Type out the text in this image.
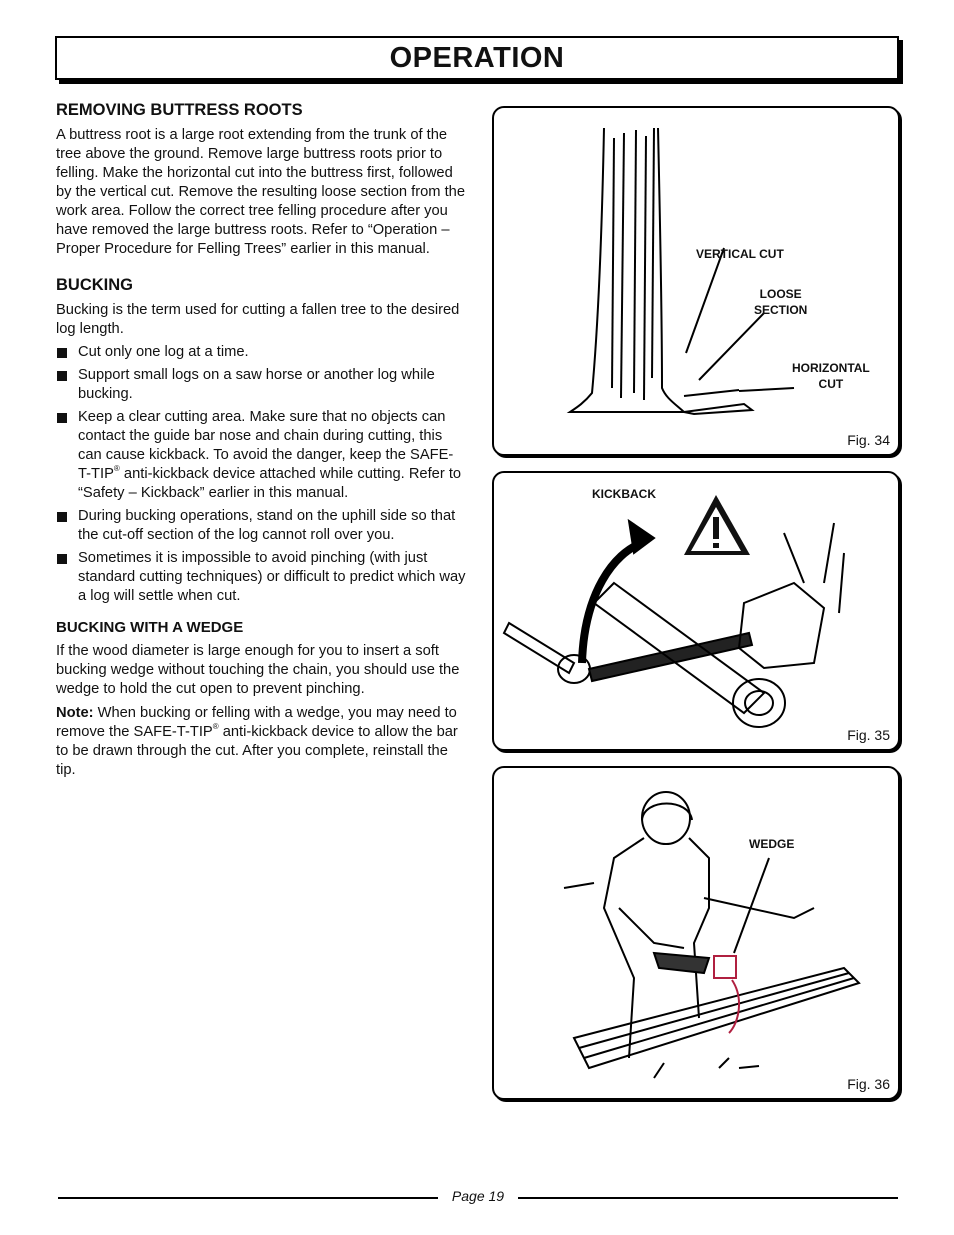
OPERATION
REMOVING BUTTRESS ROOTS

A buttress root is a large root extending from the trunk of the tree above the ground. Remove large buttress roots prior to felling. Make the horizontal cut into the buttress first, followed by the vertical cut. Remove the resulting loose section from the work area. Follow the correct tree felling procedure after you have removed the large buttress roots. Refer to “Operation – Proper Procedure for Felling Trees” earlier in this manual.

BUCKING

Bucking is the term used for cutting a fallen tree to the desired log length.

Cut only one log at a time.
Support small logs on a saw horse or another log while bucking.
Keep a clear cutting area. Make sure that no objects can contact the guide bar nose and chain during cutting, this can cause kickback. To avoid the danger, keep the SAFE-T-TIP® anti-kickback device attached while cutting. Refer to “Safety – Kickback” earlier in this manual.
During bucking operations, stand on the uphill side so that the cut-off section of the log cannot roll over you.
Sometimes it is impossible to avoid pinching (with just standard cutting techniques) or difficult to predict which way a log will settle when cut.
BUCKING WITH A WEDGE

If the wood diameter is large enough for you to insert a soft bucking wedge without touching the chain, you should use the wedge to hold the cut open to prevent pinching.

Note: When bucking or felling with a wedge, you may need to remove the SAFE-T-TIP® anti-kickback device to allow the bar to be drawn through the cut. After you complete, reinstall the tip.

VERTICAL CUT
LOOSE
SECTION
HORIZONTAL
CUT
Fig. 34
KICKBACK
Fig. 35
WEDGE
Fig. 36
Page 19
